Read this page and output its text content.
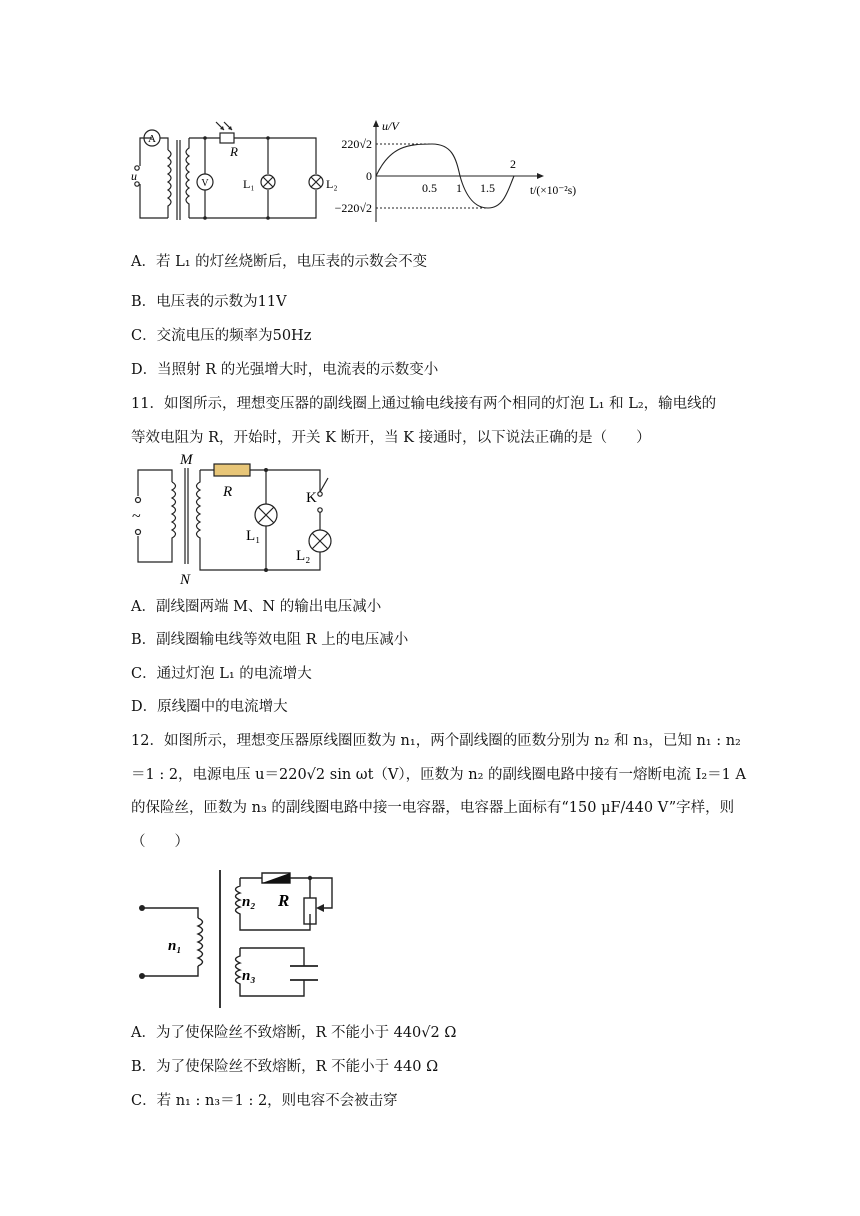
A
V
u
R
L₁	L₂
u/V
220√2
−220√2
0
0.5 1 1.5
2
t/(×10⁻²s)
A．若 L₁ 的灯丝烧断后，电压表的示数会不变
B．电压表的示数为11V
C．交流电压的频率为50Hz
D．当照射 R 的光强增大时，电流表的示数变小
11．如图所示，理想变压器的副线圈上通过输电线接有两个相同的灯泡 L₁ 和 L₂，输电线的
等效电阻为 R，开始时，开关 K 断开，当 K 接通时，以下说法正确的是（　　）
M
N
R	K
L₁
L₂
~
A．副线圈两端 M、N 的输出电压减小
B．副线圈输电线等效电阻 R 上的电压减小
C．通过灯泡 L₁ 的电流增大
D．原线圈中的电流增大
12．如图所示，理想变压器原线圈匝数为 n₁，两个副线圈的匝数分别为 n₂ 和 n₃，已知 n₁ : n₂
＝1 : 2，电源电压 u＝220√2 sin ωt（V），匝数为 n₂ 的副线圈电路中接有一熔断电流 I₂＝1 A
的保险丝，匝数为 n₃ 的副线圈电路中接一电容器，电容器上面标有“150 μF/440 V”字样，则
（　　）
n₁
n₂ R
n₃
A．为了使保险丝不致熔断，R 不能小于 440√2 Ω
B．为了使保险丝不致熔断，R 不能小于 440 Ω
C．若 n₁ : n₃＝1 : 2，则电容不会被击穿
